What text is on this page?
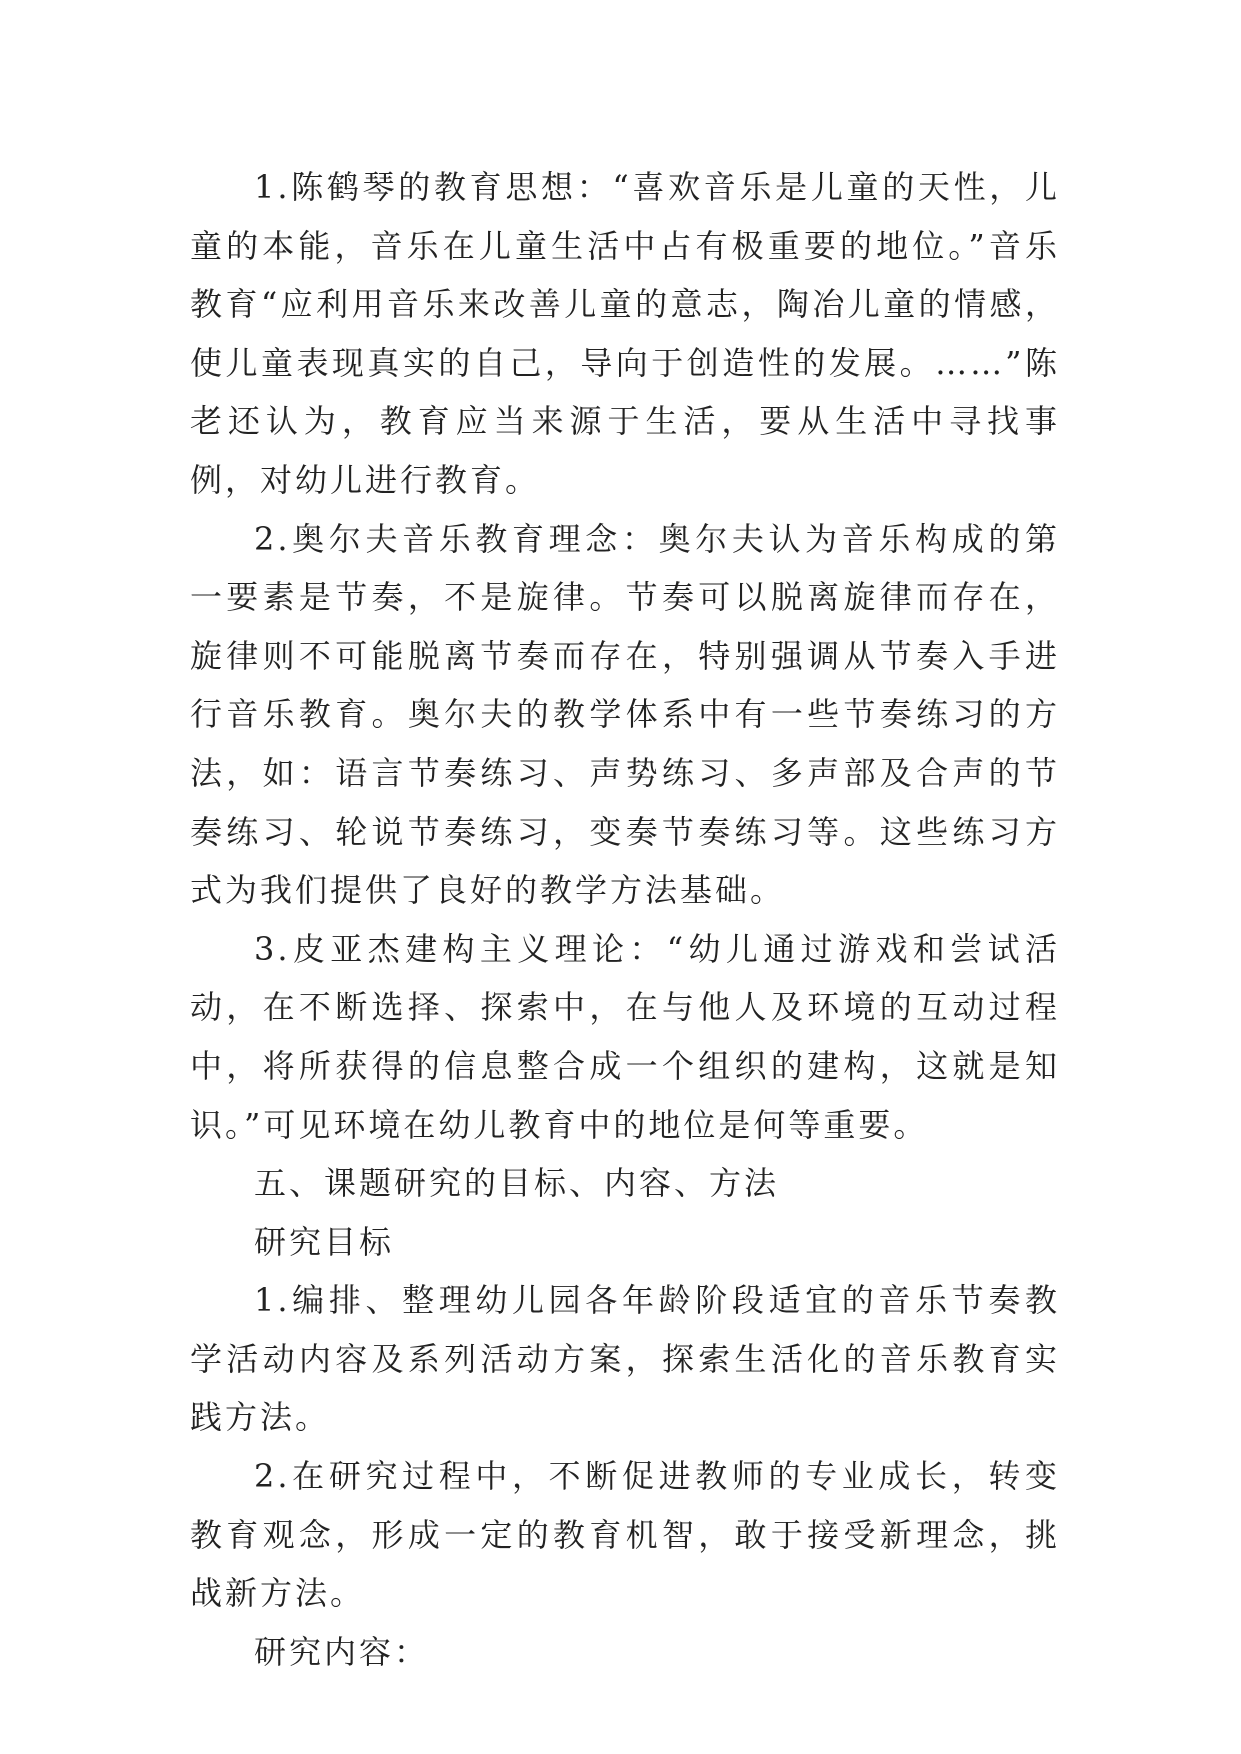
1.陈鹤琴的教育思想：“喜欢音乐是儿童的天性，儿童的本能，音乐在儿童生活中占有极重要的地位。”音乐教育“应利用音乐来改善儿童的意志，陶冶儿童的情感，使儿童表现真实的自己，导向于创造性的发展。……”陈老还认为，教育应当来源于生活，要从生活中寻找事例，对幼儿进行教育。

2.奥尔夫音乐教育理念：奥尔夫认为音乐构成的第一要素是节奏，不是旋律。节奏可以脱离旋律而存在，旋律则不可能脱离节奏而存在，特别强调从节奏入手进行音乐教育。奥尔夫的教学体系中有一些节奏练习的方法，如：语言节奏练习、声势练习、多声部及合声的节奏练习、轮说节奏练习，变奏节奏练习等。这些练习方式为我们提供了良好的教学方法基础。

3.皮亚杰建构主义理论：“幼儿通过游戏和尝试活动，在不断选择、探索中，在与他人及环境的互动过程中，将所获得的信息整合成一个组织的建构，这就是知识。”可见环境在幼儿教育中的地位是何等重要。

五、课题研究的目标、内容、方法

研究目标

1.编排、整理幼儿园各年龄阶段适宜的音乐节奏教学活动内容及系列活动方案，探索生活化的音乐教育实践方法。

2.在研究过程中，不断促进教师的专业成长，转变教育观念，形成一定的教育机智，敢于接受新理念，挑战新方法。

研究内容：
